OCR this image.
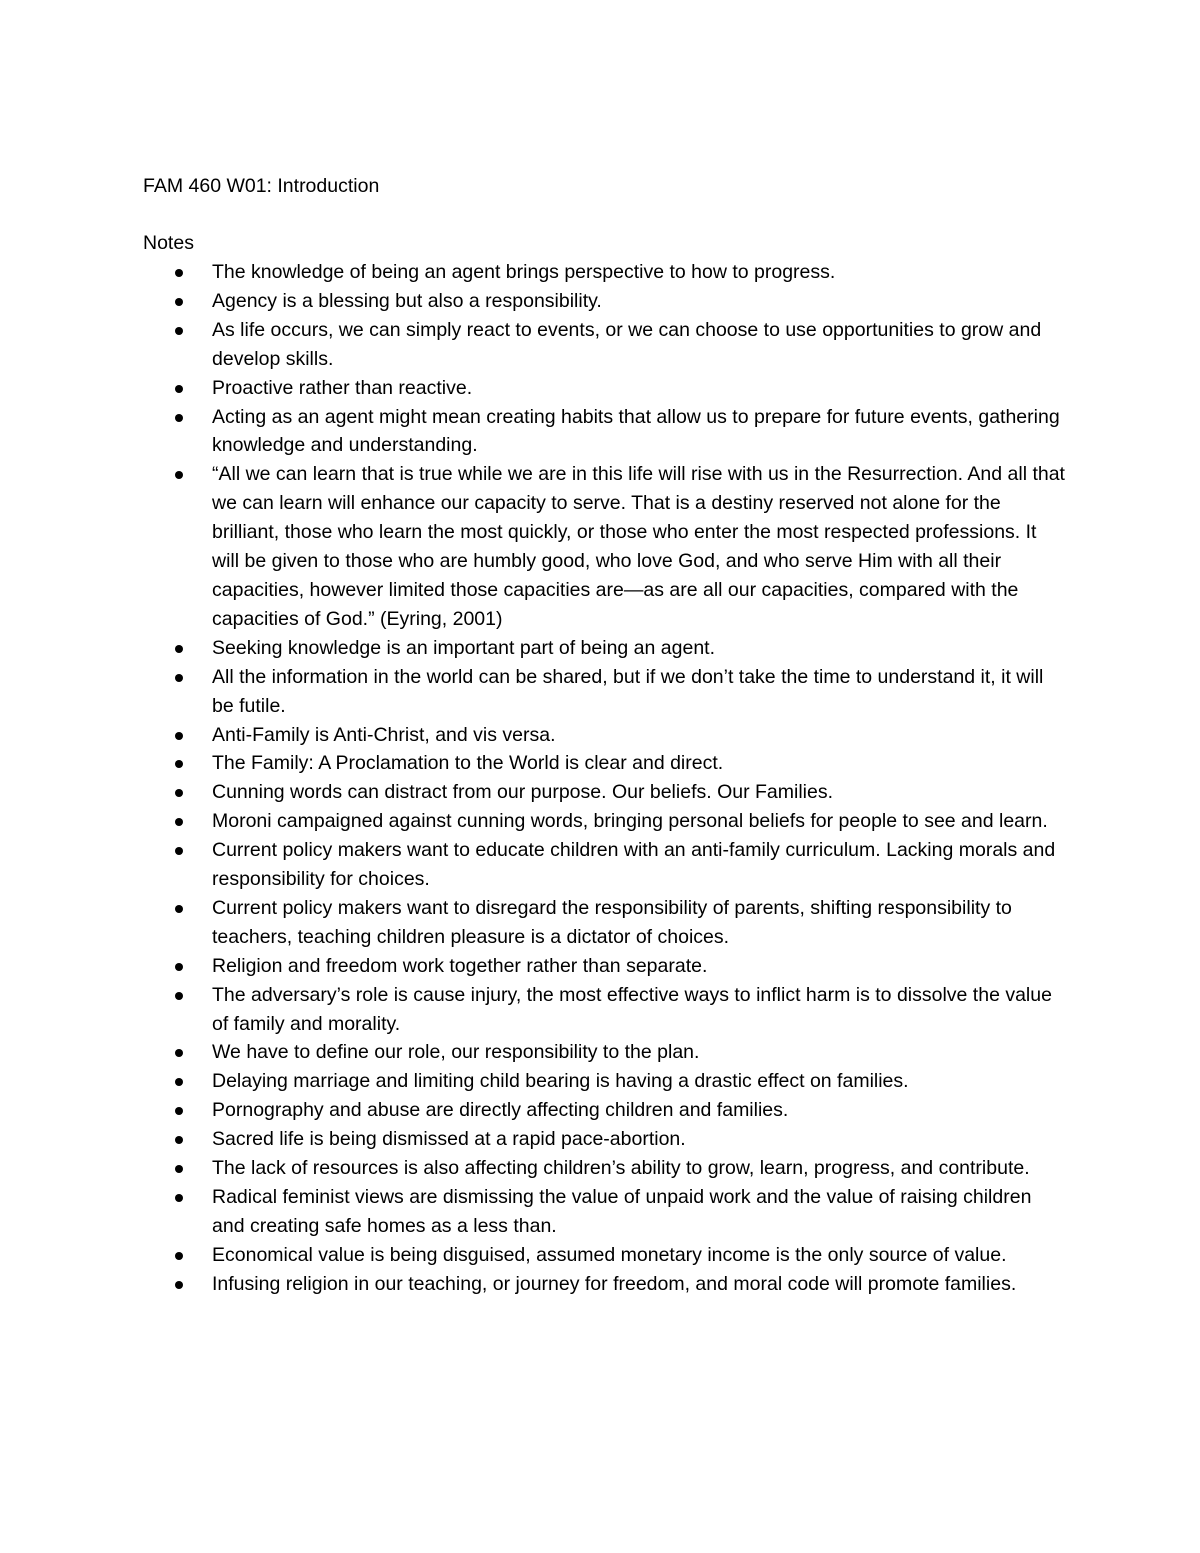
FAM 460 W01: Introduction
Notes
The knowledge of being an agent brings perspective to how to progress.
Agency is a blessing but also a responsibility.
As life occurs, we can simply react to events, or we can choose to use opportunities to grow and develop skills.
Proactive rather than reactive.
Acting as an agent might mean creating habits that allow us to prepare for future events, gathering knowledge and understanding.
“All we can learn that is true while we are in this life will rise with us in the Resurrection. And all that we can learn will enhance our capacity to serve. That is a destiny reserved not alone for the brilliant, those who learn the most quickly, or those who enter the most respected professions. It will be given to those who are humbly good, who love God, and who serve Him with all their capacities, however limited those capacities are—as are all our capacities, compared with the capacities of God.” (Eyring, 2001)
Seeking knowledge is an important part of being an agent.
All the information in the world can be shared, but if we don’t take the time to understand it, it will be futile.
Anti-Family is Anti-Christ, and vis versa.
The Family: A Proclamation to the World is clear and direct.
Cunning words can distract from our purpose. Our beliefs. Our Families.
Moroni campaigned against cunning words, bringing personal beliefs for people to see and learn.
Current policy makers want to educate children with an anti-family curriculum. Lacking morals and responsibility for choices.
Current policy makers want to disregard the responsibility of parents, shifting responsibility to teachers, teaching children pleasure is a dictator of choices.
Religion and freedom work together rather than separate.
The adversary’s role is cause injury, the most effective ways to inflict harm is to dissolve the value of family and morality.
We have to define our role, our responsibility to the plan.
Delaying marriage and limiting child bearing is having a drastic effect on families.
Pornography and abuse are directly affecting children and families.
Sacred life is being dismissed at a rapid pace-abortion.
The lack of resources is also affecting children’s ability to grow, learn, progress, and contribute.
Radical feminist views are dismissing the value of unpaid work and the value of raising children and creating safe homes as a less than.
Economical value is being disguised, assumed monetary income is the only source of value.
Infusing religion in our teaching, or journey for freedom, and moral code will promote families.
